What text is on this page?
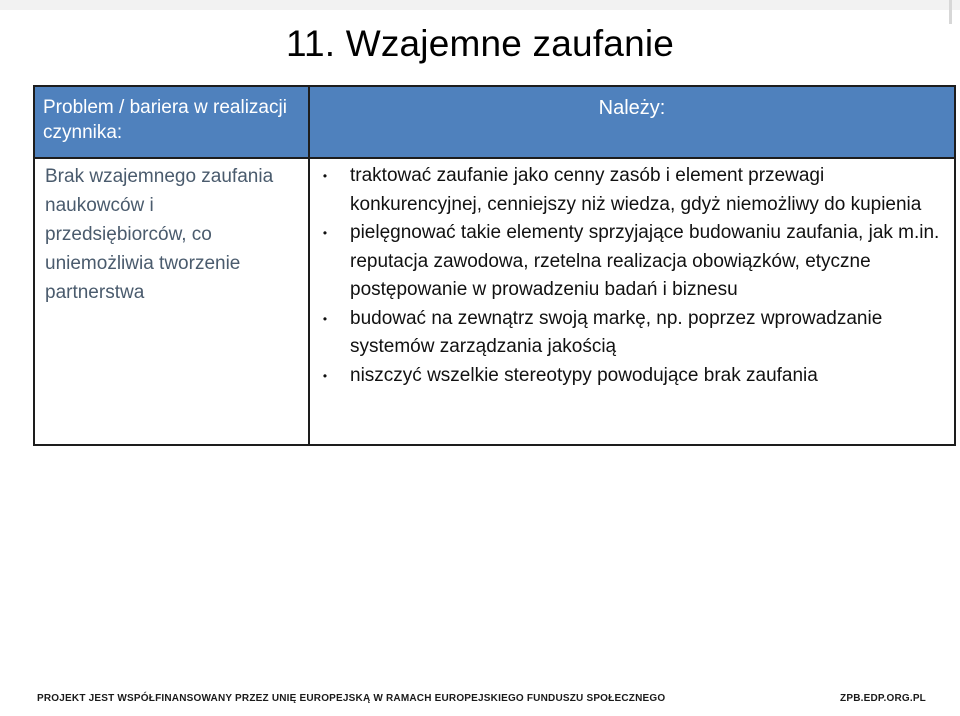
11. Wzajemne zaufanie
Problem / bariera w realizacji czynnika:
Należy:
Brak wzajemnego zaufania naukowców i przedsiębiorców, co uniemożliwia tworzenie partnerstwa
• traktować zaufanie jako cenny zasób i element przewagi konkurencyjnej, cenniejszy niż wiedza, gdyż niemożliwy do kupienia
• pielęgnować takie elementy sprzyjające budowaniu zaufania, jak m.in. reputacja zawodowa, rzetelna realizacja obowiązków, etyczne postępowanie w prowadzeniu badań i biznesu
• budować na zewnątrz swoją markę, np. poprzez wprowadzanie systemów zarządzania jakością
• niszczyć wszelkie stereotypy powodujące brak zaufania
PROJEKT JEST WSPÓŁFINANSOWANY PRZEZ UNIĘ EUROPEJSKĄ W RAMACH EUROPEJSKIEGO FUNDUSZU SPOŁECZNEGO	ZPB.EDP.ORG.PL
